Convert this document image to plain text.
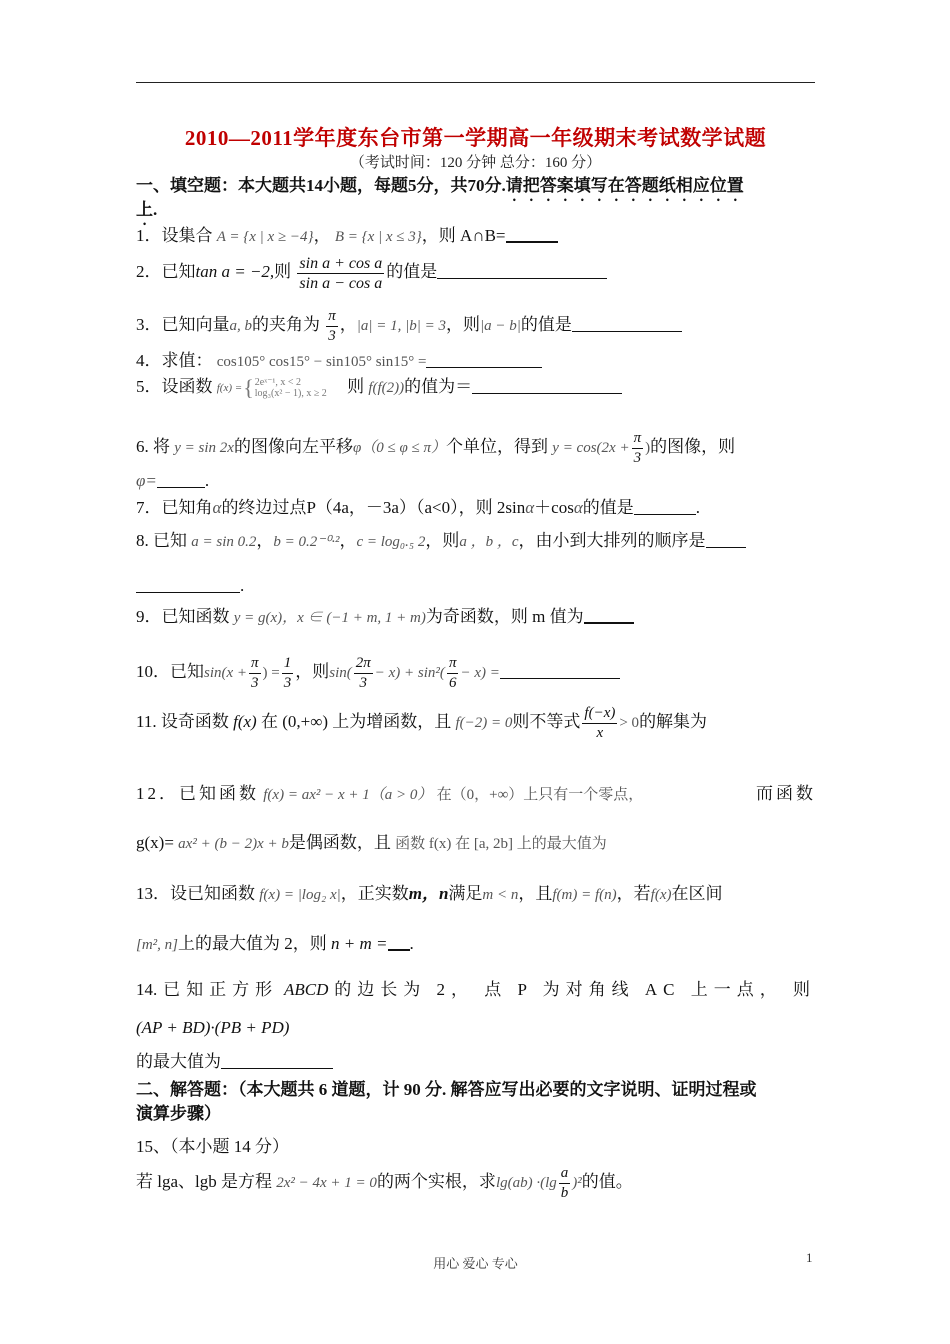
2010—2011学年度东台市第一学期高一年级期末考试数学试题
（考试时间：120 分钟 总分：160 分）
一、填空题：本大题共14小题，每题5分，共70分.请把答案填写在答题纸相应位置
上.
1．设集合 A = {x | x ≥ −4}， B = {x | x ≤ 3}，则 A∩B=
2．已知tan a = −2,则 $\frac{\text{sin a + cos a}}{\text{sin a − cos a}}$ 的值是
3．已知向量a, b的夹角为 $\frac{\pi}{3}$ ，|a| = 1, |b| = 3，则|a − b|的值是
4．求值： cos105° cos15° − sin105° sin15° =
5．设函数 f(x) = { 2eˣ⁻¹, x < 2
log₃(x² − 1), x ≥ 2 则 f(f(2))的值为＝
6. 将 y = sin 2x的图像向左平移φ（0 ≤ φ ≤ π）个单位，得到 $y = \cos(2x + \frac{\pi}{3}$ )的图像，则
φ=	.
7．已知角α的终边过点P（4a，－3a）（a<0），则 2sinα＋cosα的值是	.
8. 已知 a = sin 0.2，b = 0.2⁻⁰·²，c = log₀.₅ 2，则a ，b ，c，由小到大排列的顺序是
.
9．已知函数 y = g(x)，x ∈ (−1 + m, 1 + m)为奇函数，则 m 值为
10．已知$\sin(x + \frac{\pi}{3}$ ) = $\frac{1}{3}$ ，则$\sin( \frac{2\pi}{3} - x) + \sin^2( \frac{\pi}{6} - x)$ =
11. 设奇函数 f(x) 在 (0,+∞) 上为增函数，且 f(−2) = 0则不等式 $\frac{f(-x)}{x} > 0$的解集为
12．已知函数 f(x) = ax² − x + 1（a > 0） 在（0，+∞）上只有一个零点，	而函数
g(x)= ax² + (b − 2)x + b是偶函数，且 函数 f(x) 在 [a, 2b] 上的最大值为
13．设已知函数 f(x) = |log₂ x|，正实数m，n满足m < n，且f(m) = f(n)，若f(x)在区间
[m², n]上的最大值为 2，则 n + m = .
14. 已知正方形 ABCD 的边长为 2， 点 P 为对角线 AC 上一点， 则
(AP + BD)·(PB + PD)
的最大值为
二、解答题：（本大题共 6 道题，计 90 分. 解答应写出必要的文字说明、证明过程或
演算步骤）
15、（本小题 14 分）
若 lga、lgb 是方程 2x² − 4x + 1 = 0的两个实根，求$\lg(ab) \cdot(\lg \frac{a}{b} )^2$的值。
用心 爱心 专心	1
